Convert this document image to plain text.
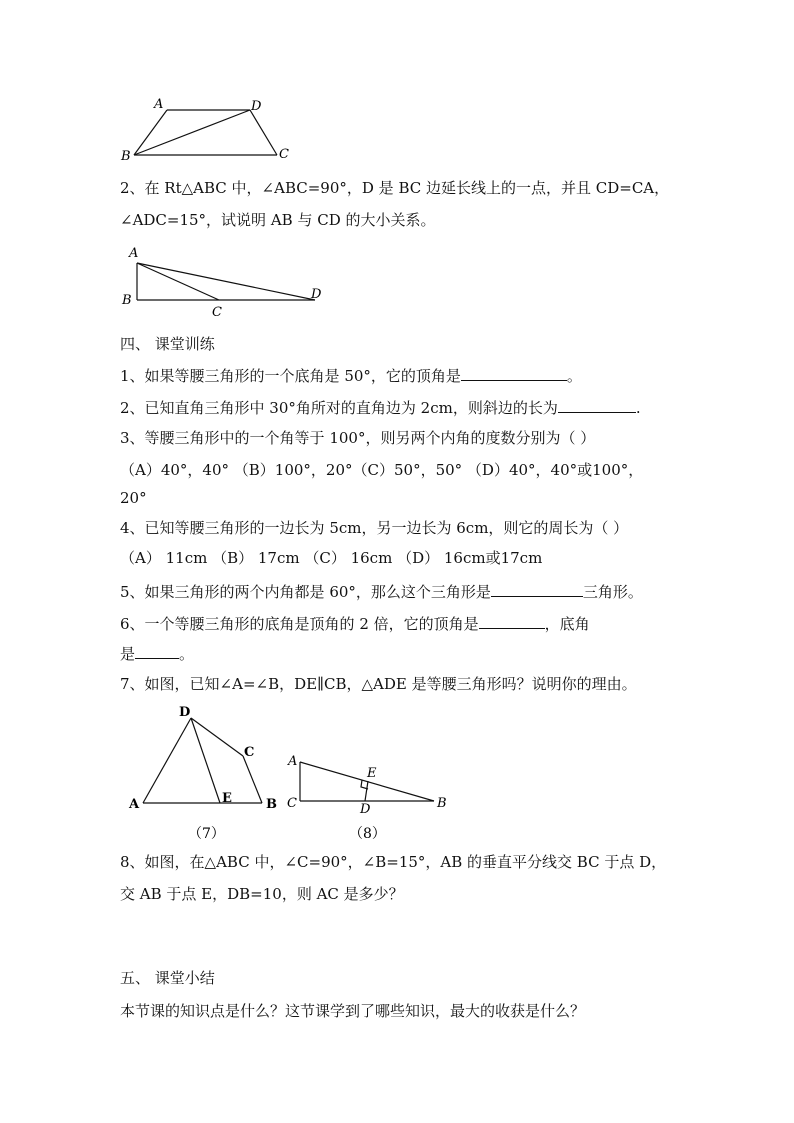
A	D
B	C
2、在 Rt△ABC 中，∠ABC=90°，D 是 BC 边延长线上的一点，并且 CD=CA，
∠ADC=15°，试说明 AB 与 CD 的大小关系。
A
B
C
D
四、 课堂训练
1、如果等腰三角形的一个底角是 50°，它的顶角是	。
2、已知直角三角形中 30°角所对的直角边为 2cm，则斜边的长为	.
3、等腰三角形中的一个角等于 100°，则另两个内角的度数分别为（ ）
（A）40°，40° （B）100°，20°（C）50°，50° （D）40°，40°或100°，
20°
4、已知等腰三角形的一边长为 5cm，另一边长为 6cm，则它的周长为（ ）
（A） 11cm （B） 17cm （C） 16cm （D） 16cm或17cm
5、如果三角形的两个内角都是 60°，那么这个三角形是	三角形。
6、一个等腰三角形的底角是顶角的 2 倍，它的顶角是	，底角
是	。
7、如图，已知∠A=∠B，DE∥CB，△ADE 是等腰三角形吗？说明你的理由。
D
C
A	E	B
（7）
A
E
C	D	B
（8）
8、如图，在△ABC 中，∠C=90°，∠B=15°，AB 的垂直平分线交 BC 于点 D，
交 AB 于点 E，DB=10，则 AC 是多少？
五、 课堂小结
本节课的知识点是什么？这节课学到了哪些知识，最大的收获是什么？
